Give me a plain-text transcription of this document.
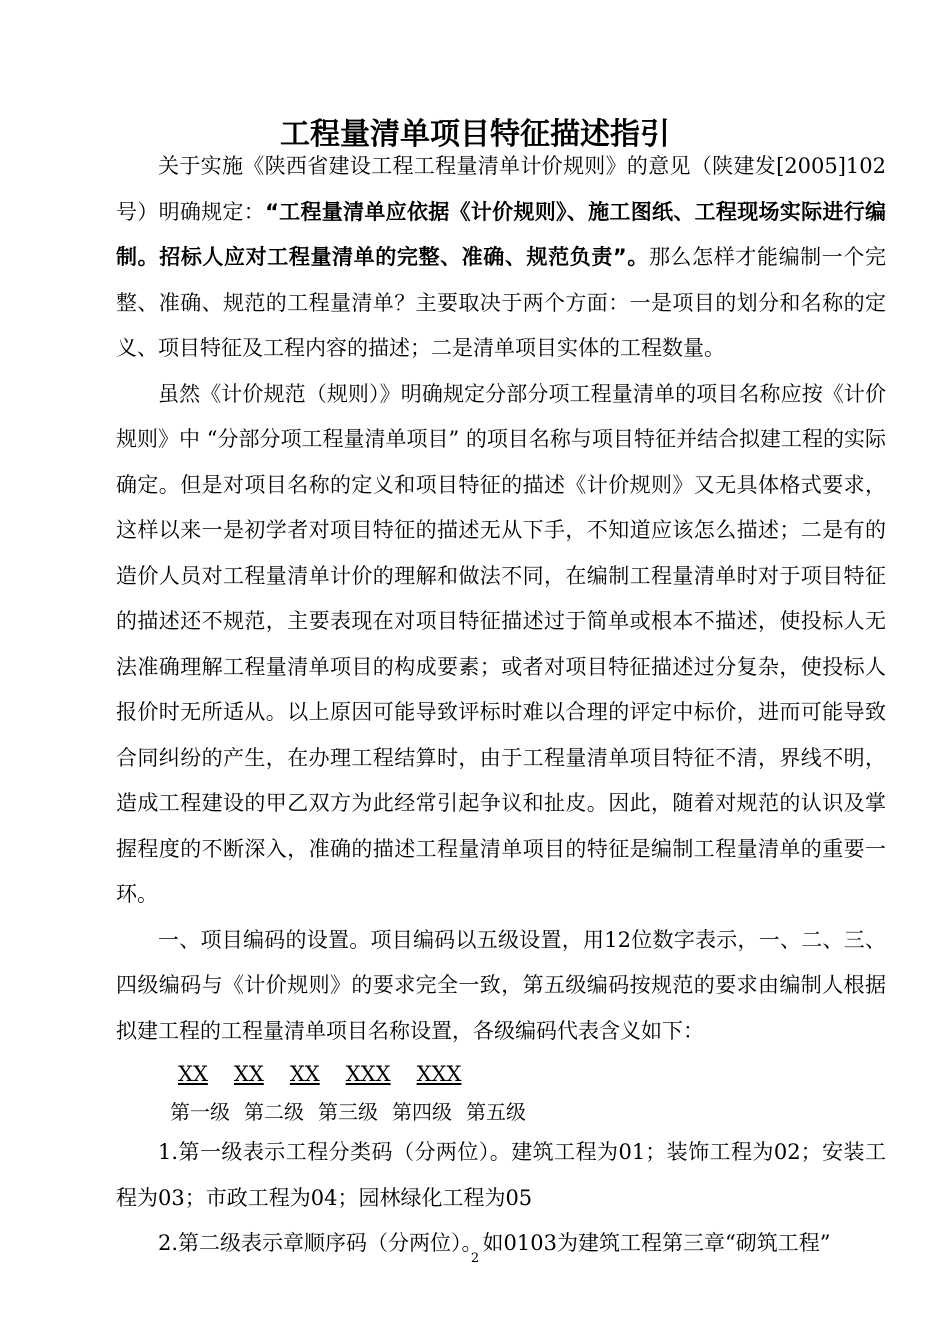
工程量清单项目特征描述指引

关于实施《陕西省建设工程工程量清单计价规则》的意见（陕建发[2005]102号）明确规定：“工程量清单应依据《计价规则》、施工图纸、工程现场实际进行编制。招标人应对工程量清单的完整、准确、规范负责”。那么怎样才能编制一个完整、准确、规范的工程量清单？主要取决于两个方面：一是项目的划分和名称的定义、项目特征及工程内容的描述；二是清单项目实体的工程数量。

虽然《计价规范（规则）》明确规定分部分项工程量清单的项目名称应按《计价规则》中 “分部分项工程量清单项目” 的项目名称与项目特征并结合拟建工程的实际确定。但是对项目名称的定义和项目特征的描述《计价规则》又无具体格式要求，这样以来一是初学者对项目特征的描述无从下手，不知道应该怎么描述；二是有的造价人员对工程量清单计价的理解和做法不同，在编制工程量清单时对于项目特征的描述还不规范，主要表现在对项目特征描述过于简单或根本不描述，使投标人无法准确理解工程量清单项目的构成要素；或者对项目特征描述过分复杂，使投标人报价时无所适从。以上原因可能导致评标时难以合理的评定中标价，进而可能导致合同纠纷的产生，在办理工程结算时，由于工程量清单项目特征不清，界线不明，造成工程建设的甲乙双方为此经常引起争议和扯皮。因此，随着对规范的认识及掌握程度的不断深入，准确的描述工程量清单项目的特征是编制工程量清单的重要一环。

一、项目编码的设置。项目编码以五级设置，用12位数字表示，一、二、三、四级编码与《计价规则》的要求完全一致，第五级编码按规范的要求由编制人根据拟建工程的工程量清单项目名称设置，各级编码代表含义如下：

XX XX XX XXX XXX
第一级 第二级 第三级 第四级 第五级

1.第一级表示工程分类码（分两位）。建筑工程为01；装饰工程为02；安装工程为03；市政工程为04；园林绿化工程为05

2.第二级表示章顺序码（分两位）。如0103为建筑工程第三章“砌筑工程”

2
